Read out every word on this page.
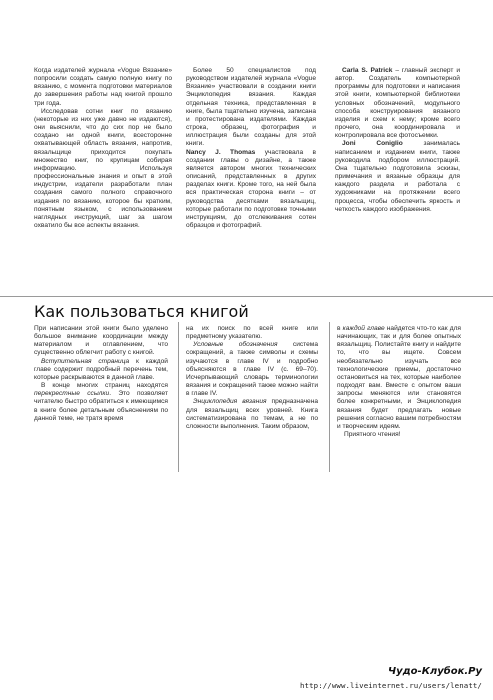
Когда издателей журнала «Vogue Вязание» попросили создать самую полную книгу по вязанию, с момента подготовки материалов до завершения работы над книгой прошло три года.

Исследовав сотни книг по вязанию (некоторые из них уже давно не издаются), они выяснили, что до сих пор не было создано ни одной книги, всесторонне охватывающей область вязания, напротив, вязальщице приходится покупать множество книг, по крупицам собирая информацию. Используя профессиональные знания и опыт в этой индустрии, издатели разработали план создания самого полного справочного издания по вязанию, которое бы кратким, понятным языком, с использованием наглядных инструкций, шаг за шагом охватило бы все аспекты вязания.

Более 50 специалистов под руководством издателей журнала «Vogue Вязание» участвовали в создании книги Энциклопедия вязания. Каждая отдельная техника, представленная в книге, была тщательно изучена, записана и протестирована издателями. Каждая строка, образец, фотография и иллюстрация были созданы для этой книги.

Nancy J. Thomas участвовала в создании главы о дизайне, а также является автором многих технических описаний, представленных в других разделах книги. Кроме того, на ней была вся практическая сторона книги – от руководства десятками вязальщиц, которые работали по подготовке точными инструкциям, до отслеживания сотен образцов и фотографий.

Carla S. Patrick – главный эксперт и автор. Создатель компьютерной программы для подготовки и написания этой книги, компьютерной библиотеки условных обозначений, модульного способа конструирования вязаного изделия и схем к нему; кроме всего прочего, она координировала и контролировала все фотосъемки.

Joni Coniglio занималась написанием и изданием книги, также руководила подбором иллюстраций. Она тщательно подготовила эскизы, примечания и вязаные образцы для каждого раздела и работала с художниками на протяжении всего процесса, чтобы обеспечить яркость и четкость каждого изображения.

Как пользоваться книгой

При написании этой книги было уделено большое внимание координации между материалом и оглавлением, что существенно облегчит работу с книгой.

Вступительная страница к каждой главе содержит подробный перечень тем, которые раскрываются в данной главе.

В конце многих страниц находятся перекрестные ссылки. Это позволяет читателю быстро обратиться к имеющимся в книге более детальным объяснениям по данной теме, не тратя время

на их поиск по всей книге или предметному указателю.

Условные обозначения система сокращений, а также символы и схемы изучаются в главе IV и подробно объясняются в главе IV (с. 69–70). Исчерпывающий словарь терминологии вязания и сокращений также можно найти в главе IV.

Энциклопедия вязания предназначена для вязальщиц всех уровней. Книга систематизирована по темам, а не по сложности выполнения. Таким образом,

в каждой главе найдется что-то как для начинающих, так и для более опытных вязальщиц. Полистайте книгу и найдите то, что вы ищете. Совсем необязательно изучать все технологические приемы, достаточно остановиться на тех, которые наиболее подходят вам. Вместе с опытом ваши запросы меняются или становятся более конкретными, и Энциклопедия вязания будет предлагать новые решения согласно вашим потребностям и творческим идеям.

Приятного чтения!

Чудо-Клубок.Ру
http://www.liveinternet.ru/users/lenatt/
